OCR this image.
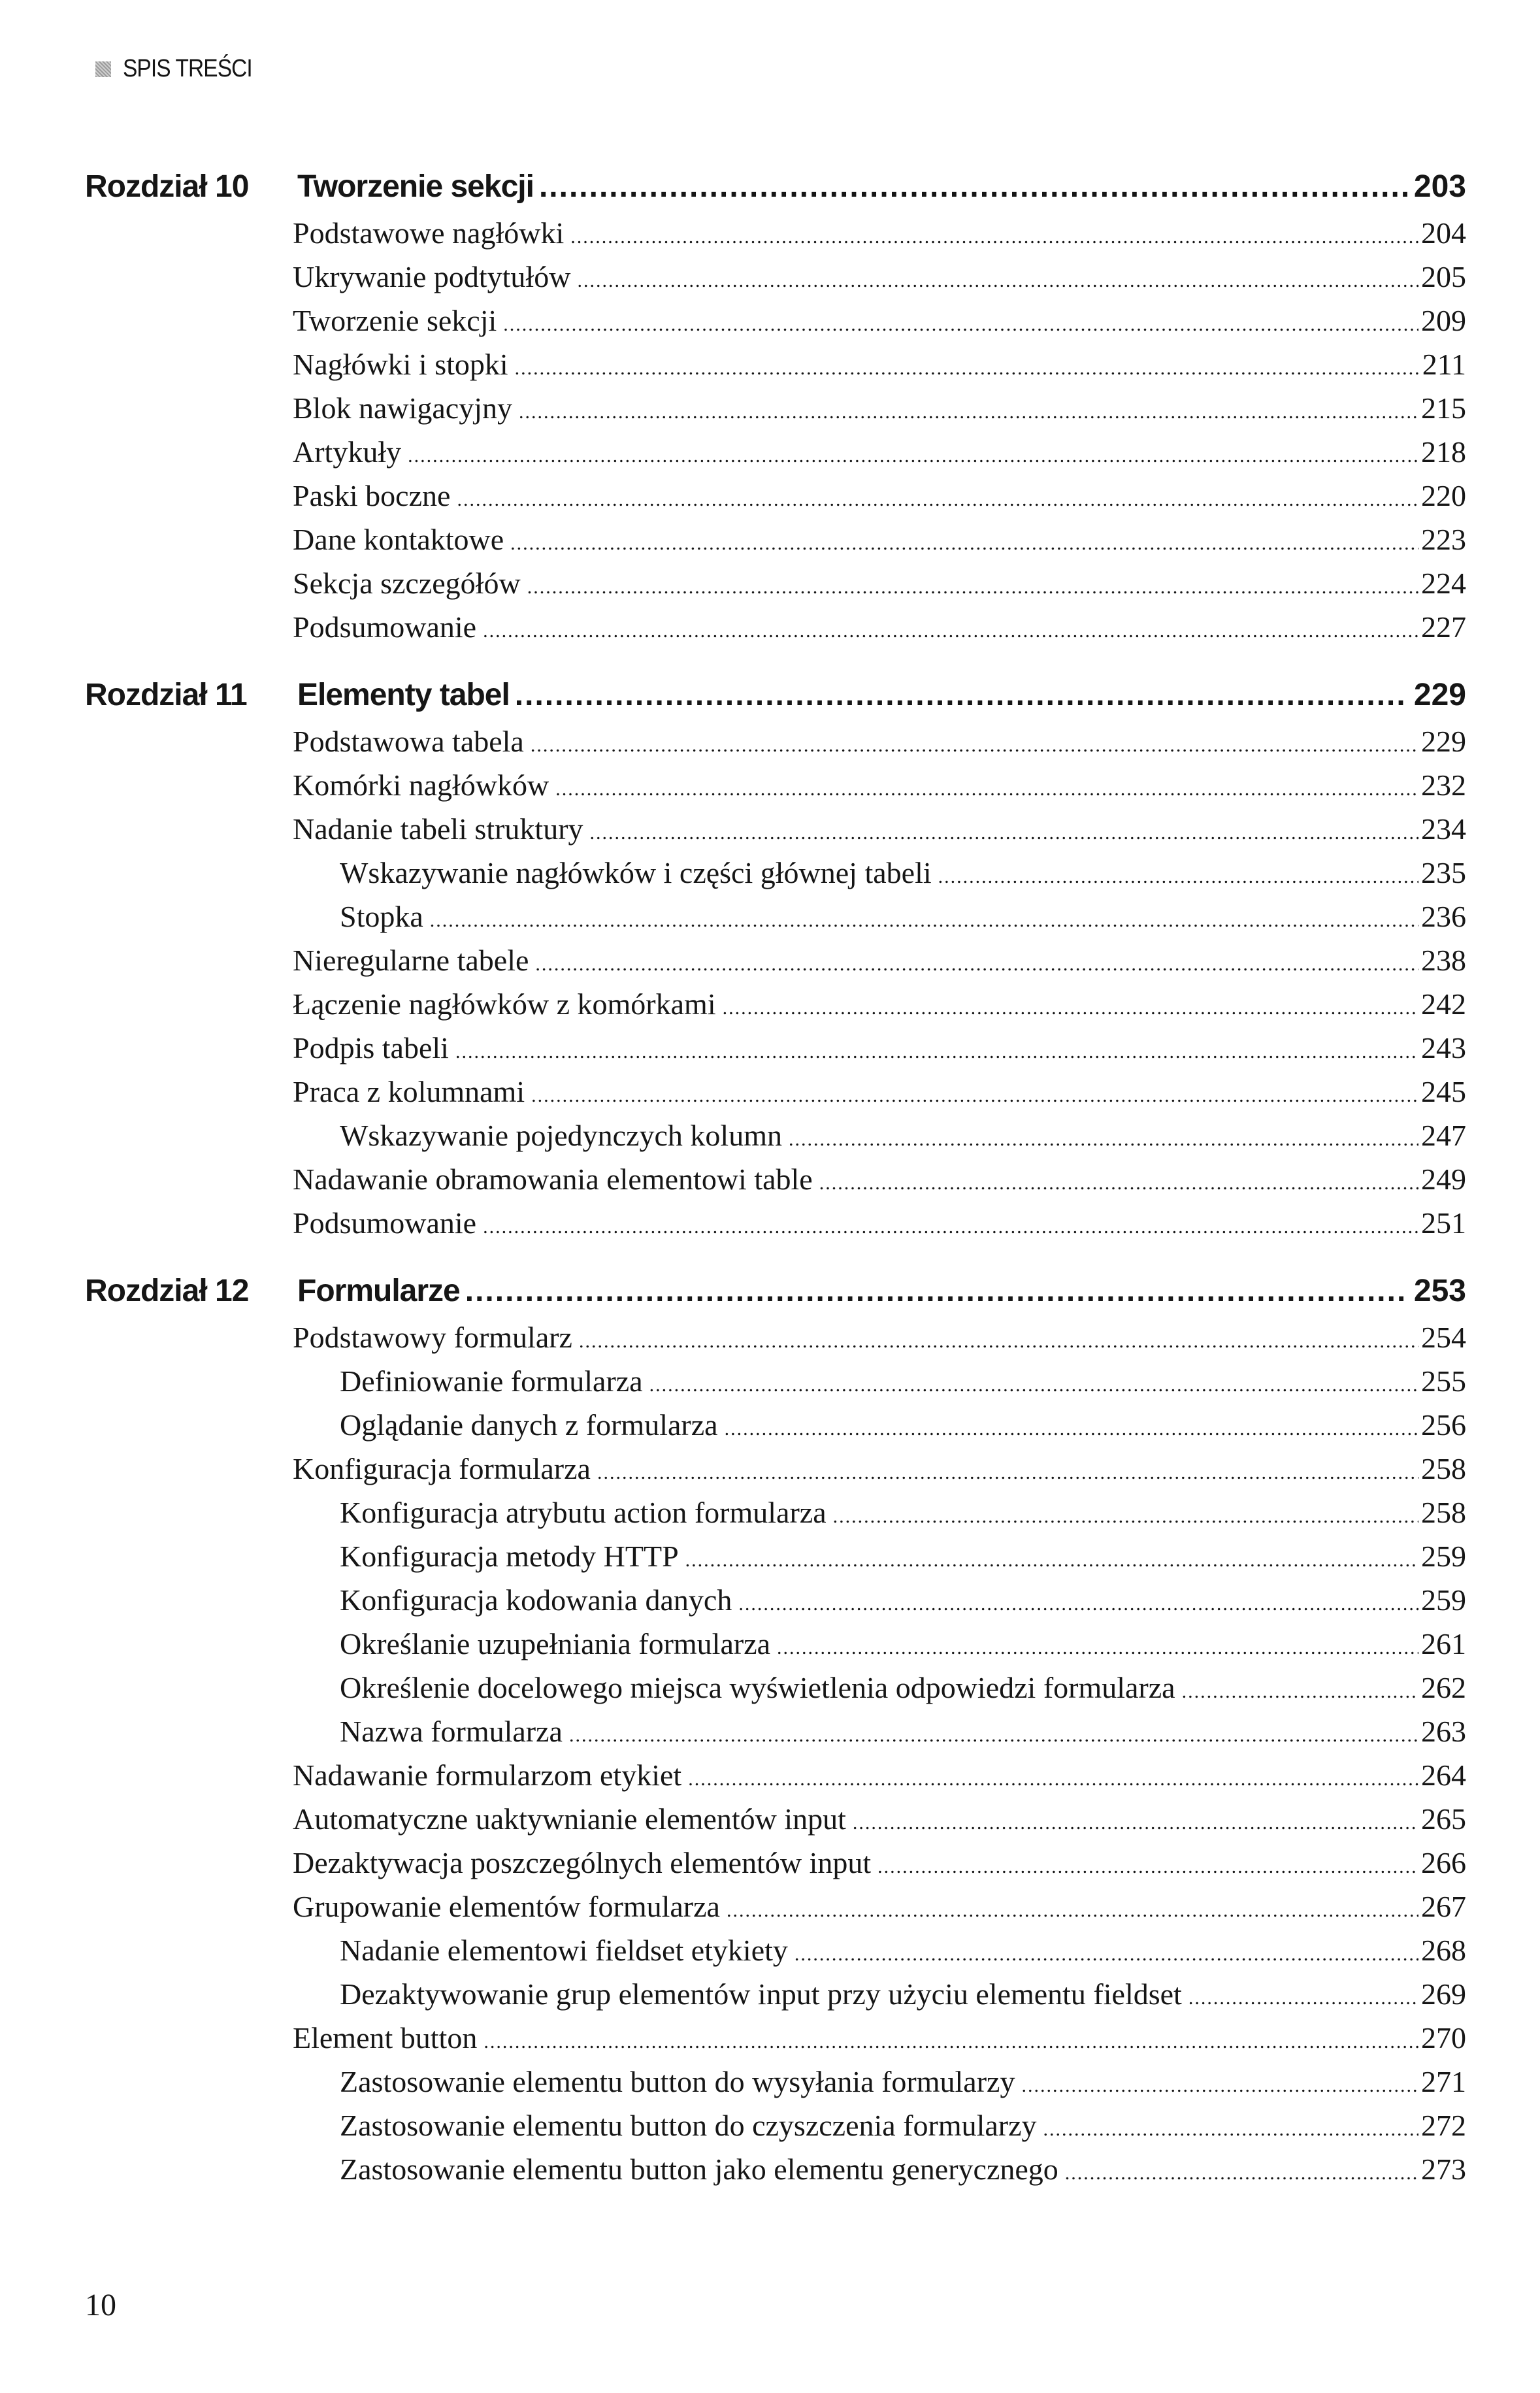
SPIS TREŚCI
Rozdział 10	Tworzenie sekcji .....	203
Podstawowe nagłówki .....	204
Ukrywanie podtytułów .....	205
Tworzenie sekcji .....	209
Nagłówki i stopki .....	211
Blok nawigacyjny .....	215
Artykuły .....	218
Paski boczne .....	220
Dane kontaktowe .....	223
Sekcja szczegółów .....	224
Podsumowanie .....	227
Rozdział 11	Elementy tabel .....	229
Podstawowa tabela .....	229
Komórki nagłówków .....	232
Nadanie tabeli struktury .....	234
Wskazywanie nagłówków i części głównej tabeli .....	235
Stopka .....	236
Nieregularne tabele .....	238
Łączenie nagłówków z komórkami .....	242
Podpis tabeli .....	243
Praca z kolumnami .....	245
Wskazywanie pojedynczych kolumn .....	247
Nadawanie obramowania elementowi table .....	249
Podsumowanie .....	251
Rozdział 12	Formularze .....	253
Podstawowy formularz .....	254
Definiowanie formularza .....	255
Oglądanie danych z formularza .....	256
Konfiguracja formularza .....	258
Konfiguracja atrybutu action formularza .....	258
Konfiguracja metody HTTP .....	259
Konfiguracja kodowania danych .....	259
Określanie uzupełniania formularza .....	261
Określenie docelowego miejsca wyświetlenia odpowiedzi formularza .....	262
Nazwa formularza .....	263
Nadawanie formularzom etykiet .....	264
Automatyczne uaktywnianie elementów input .....	265
Dezaktywacja poszczególnych elementów input .....	266
Grupowanie elementów formularza .....	267
Nadanie elementowi fieldset etykiety .....	268
Dezaktywowanie grup elementów input przy użyciu elementu fieldset .....	269
Element button .....	270
Zastosowanie elementu button do wysyłania formularzy .....	271
Zastosowanie elementu button do czyszczenia formularzy .....	272
Zastosowanie elementu button jako elementu generycznego .....	273
10
